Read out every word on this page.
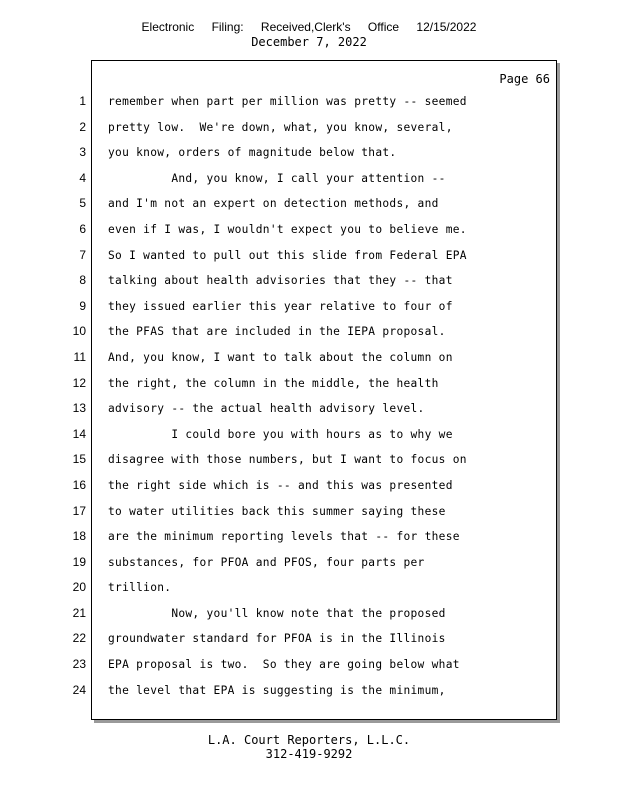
Electronic Filing: Received,Clerk's Office 12/15/2022
December 7, 2022
Page 66
1
2
3
4
5
6
7
8
9
10
11
12
13
14
15
16
17
18
19
20
21
22
23
24
remember when part per million was pretty -- seemed
pretty low.  We're down, what, you know, several,
you know, orders of magnitude below that.
And, you know, I call your attention --
and I'm not an expert on detection methods, and
even if I was, I wouldn't expect you to believe me.
So I wanted to pull out this slide from Federal EPA
talking about health advisories that they -- that
they issued earlier this year relative to four of
the PFAS that are included in the IEPA proposal.
And, you know, I want to talk about the column on
the right, the column in the middle, the health
advisory -- the actual health advisory level.
I could bore you with hours as to why we
disagree with those numbers, but I want to focus on
the right side which is -- and this was presented
to water utilities back this summer saying these
are the minimum reporting levels that -- for these
substances, for PFOA and PFOS, four parts per
trillion.
Now, you'll know note that the proposed
groundwater standard for PFOA is in the Illinois
EPA proposal is two.  So they are going below what
the level that EPA is suggesting is the minimum,
L.A. Court Reporters, L.L.C.
312-419-9292
